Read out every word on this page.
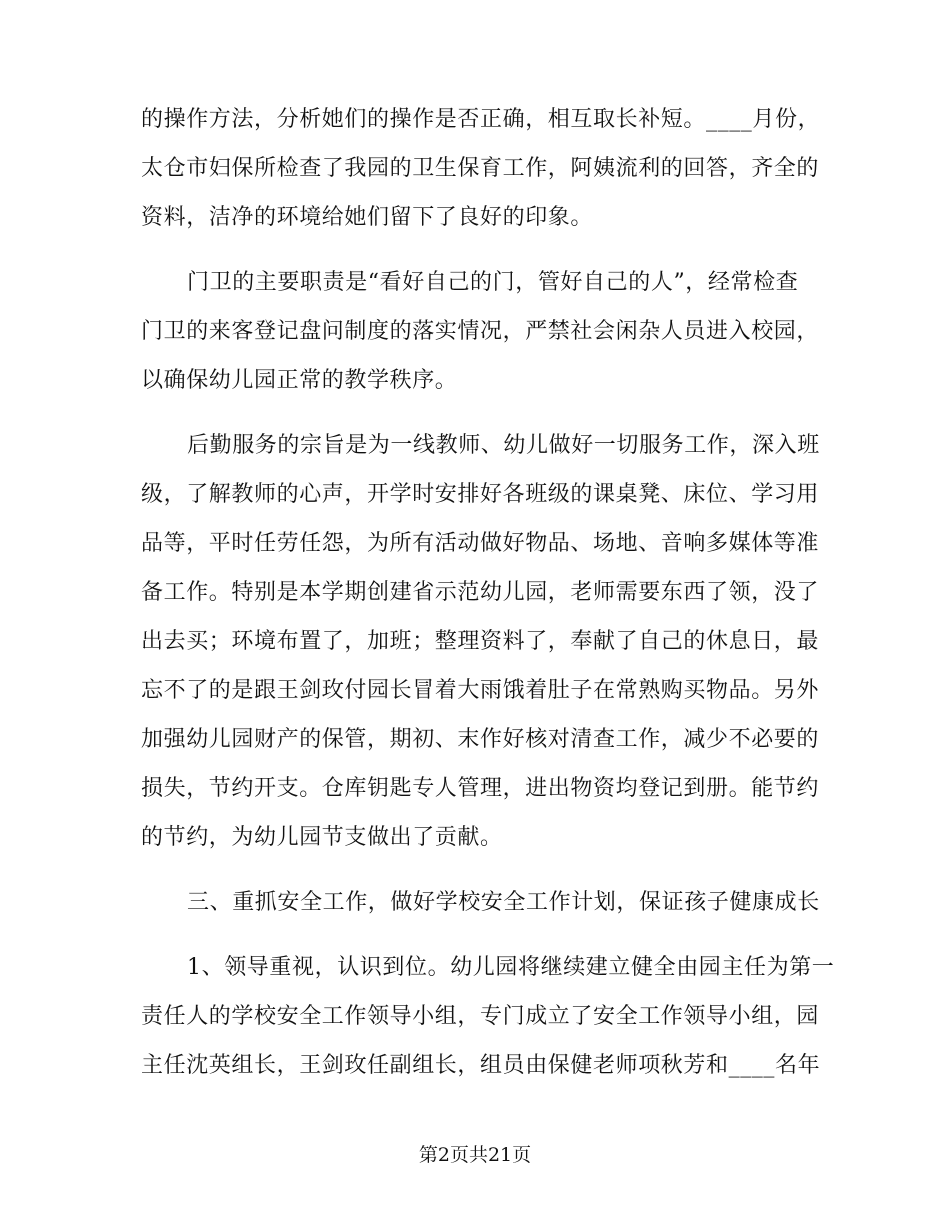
的操作方法，分析她们的操作是否正确，相互取长补短。____月份，
太仓市妇保所检查了我园的卫生保育工作，阿姨流利的回答，齐全的
资料，洁净的环境给她们留下了良好的印象。
门卫的主要职责是“看好自己的门，管好自己的人”，经常检查
门卫的来客登记盘问制度的落实情况，严禁社会闲杂人员进入校园，
以确保幼儿园正常的教学秩序。
后勤服务的宗旨是为一线教师、幼儿做好一切服务工作，深入班
级，了解教师的心声，开学时安排好各班级的课桌凳、床位、学习用
品等，平时任劳任怨，为所有活动做好物品、场地、音响多媒体等准
备工作。特别是本学期创建省示范幼儿园，老师需要东西了领，没了
出去买；环境布置了，加班；整理资料了，奉献了自己的休息日，最
忘不了的是跟王剑玫付园长冒着大雨饿着肚子在常熟购买物品。另外
加强幼儿园财产的保管，期初、末作好核对清查工作，减少不必要的
损失，节约开支。仓库钥匙专人管理，进出物资均登记到册。能节约
的节约，为幼儿园节支做出了贡献。
三、重抓安全工作，做好学校安全工作计划，保证孩子健康成长
1、领导重视，认识到位。幼儿园将继续建立健全由园主任为第一
责任人的学校安全工作领导小组，专门成立了安全工作领导小组，园
主任沈英组长，王剑玫任副组长，组员由保健老师项秋芳和____名年
第2页共21页
